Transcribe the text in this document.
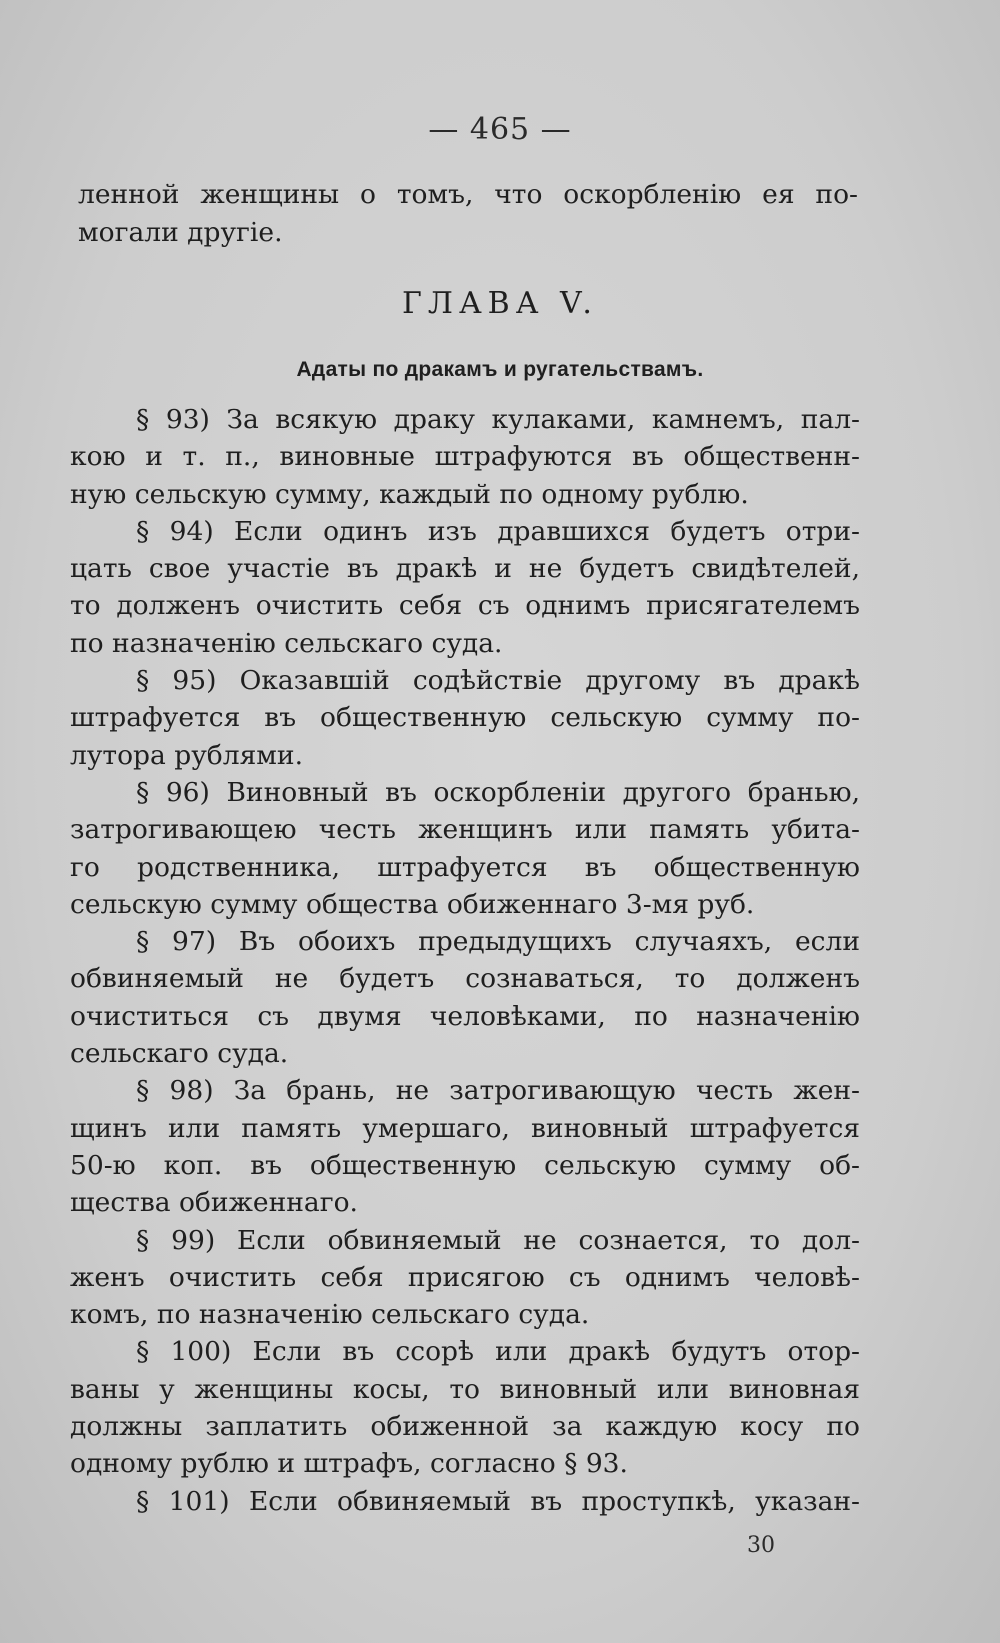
— 465 —
ленной женщины о томъ, что оскорбленію ея по-
могали другіе.
ГЛАВА V.
Адаты по дракамъ и ругательствамъ.
§ 93) За всякую драку кулаками, камнемъ, пал-
кою и т. п., виновные штрафуются въ общественн-
ную сельскую сумму, каждый по одному рублю.
§ 94) Если одинъ изъ дравшихся будетъ отри-
цать свое участіе въ дракѣ и не будетъ свидѣтелей,
то долженъ очистить себя съ однимъ присягателемъ
по назначенію сельскаго суда.
§ 95) Оказавшій содѣйствіе другому въ дракѣ
штрафуется въ общественную сельскую сумму по-
лутора рублями.
§ 96) Виновный въ оскорбленіи другого бранью,
затрогивающею честь женщинъ или память убита-
го родственника, штрафуется въ общественную
сельскую сумму общества обиженнаго 3-мя руб.
§ 97) Въ обоихъ предыдущихъ случаяхъ, если
обвиняемый не будетъ сознаваться, то долженъ
очиститься съ двумя человѣками, по назначенію
сельскаго суда.
§ 98) За брань, не затрогивающую честь жен-
щинъ или память умершаго, виновный штрафуется
50-ю коп. въ общественную сельскую сумму об-
щества обиженнаго.
§ 99) Если обвиняемый не сознается, то дол-
женъ очистить себя присягою съ однимъ человѣ-
комъ, по назначенію сельскаго суда.
§ 100) Если въ ссорѣ или дракѣ будутъ отор-
ваны у женщины косы, то виновный или виновная
должны заплатить обиженной за каждую косу по
одному рублю и штрафъ, согласно § 93.
§ 101) Если обвиняемый въ проступкѣ, указан-
30
